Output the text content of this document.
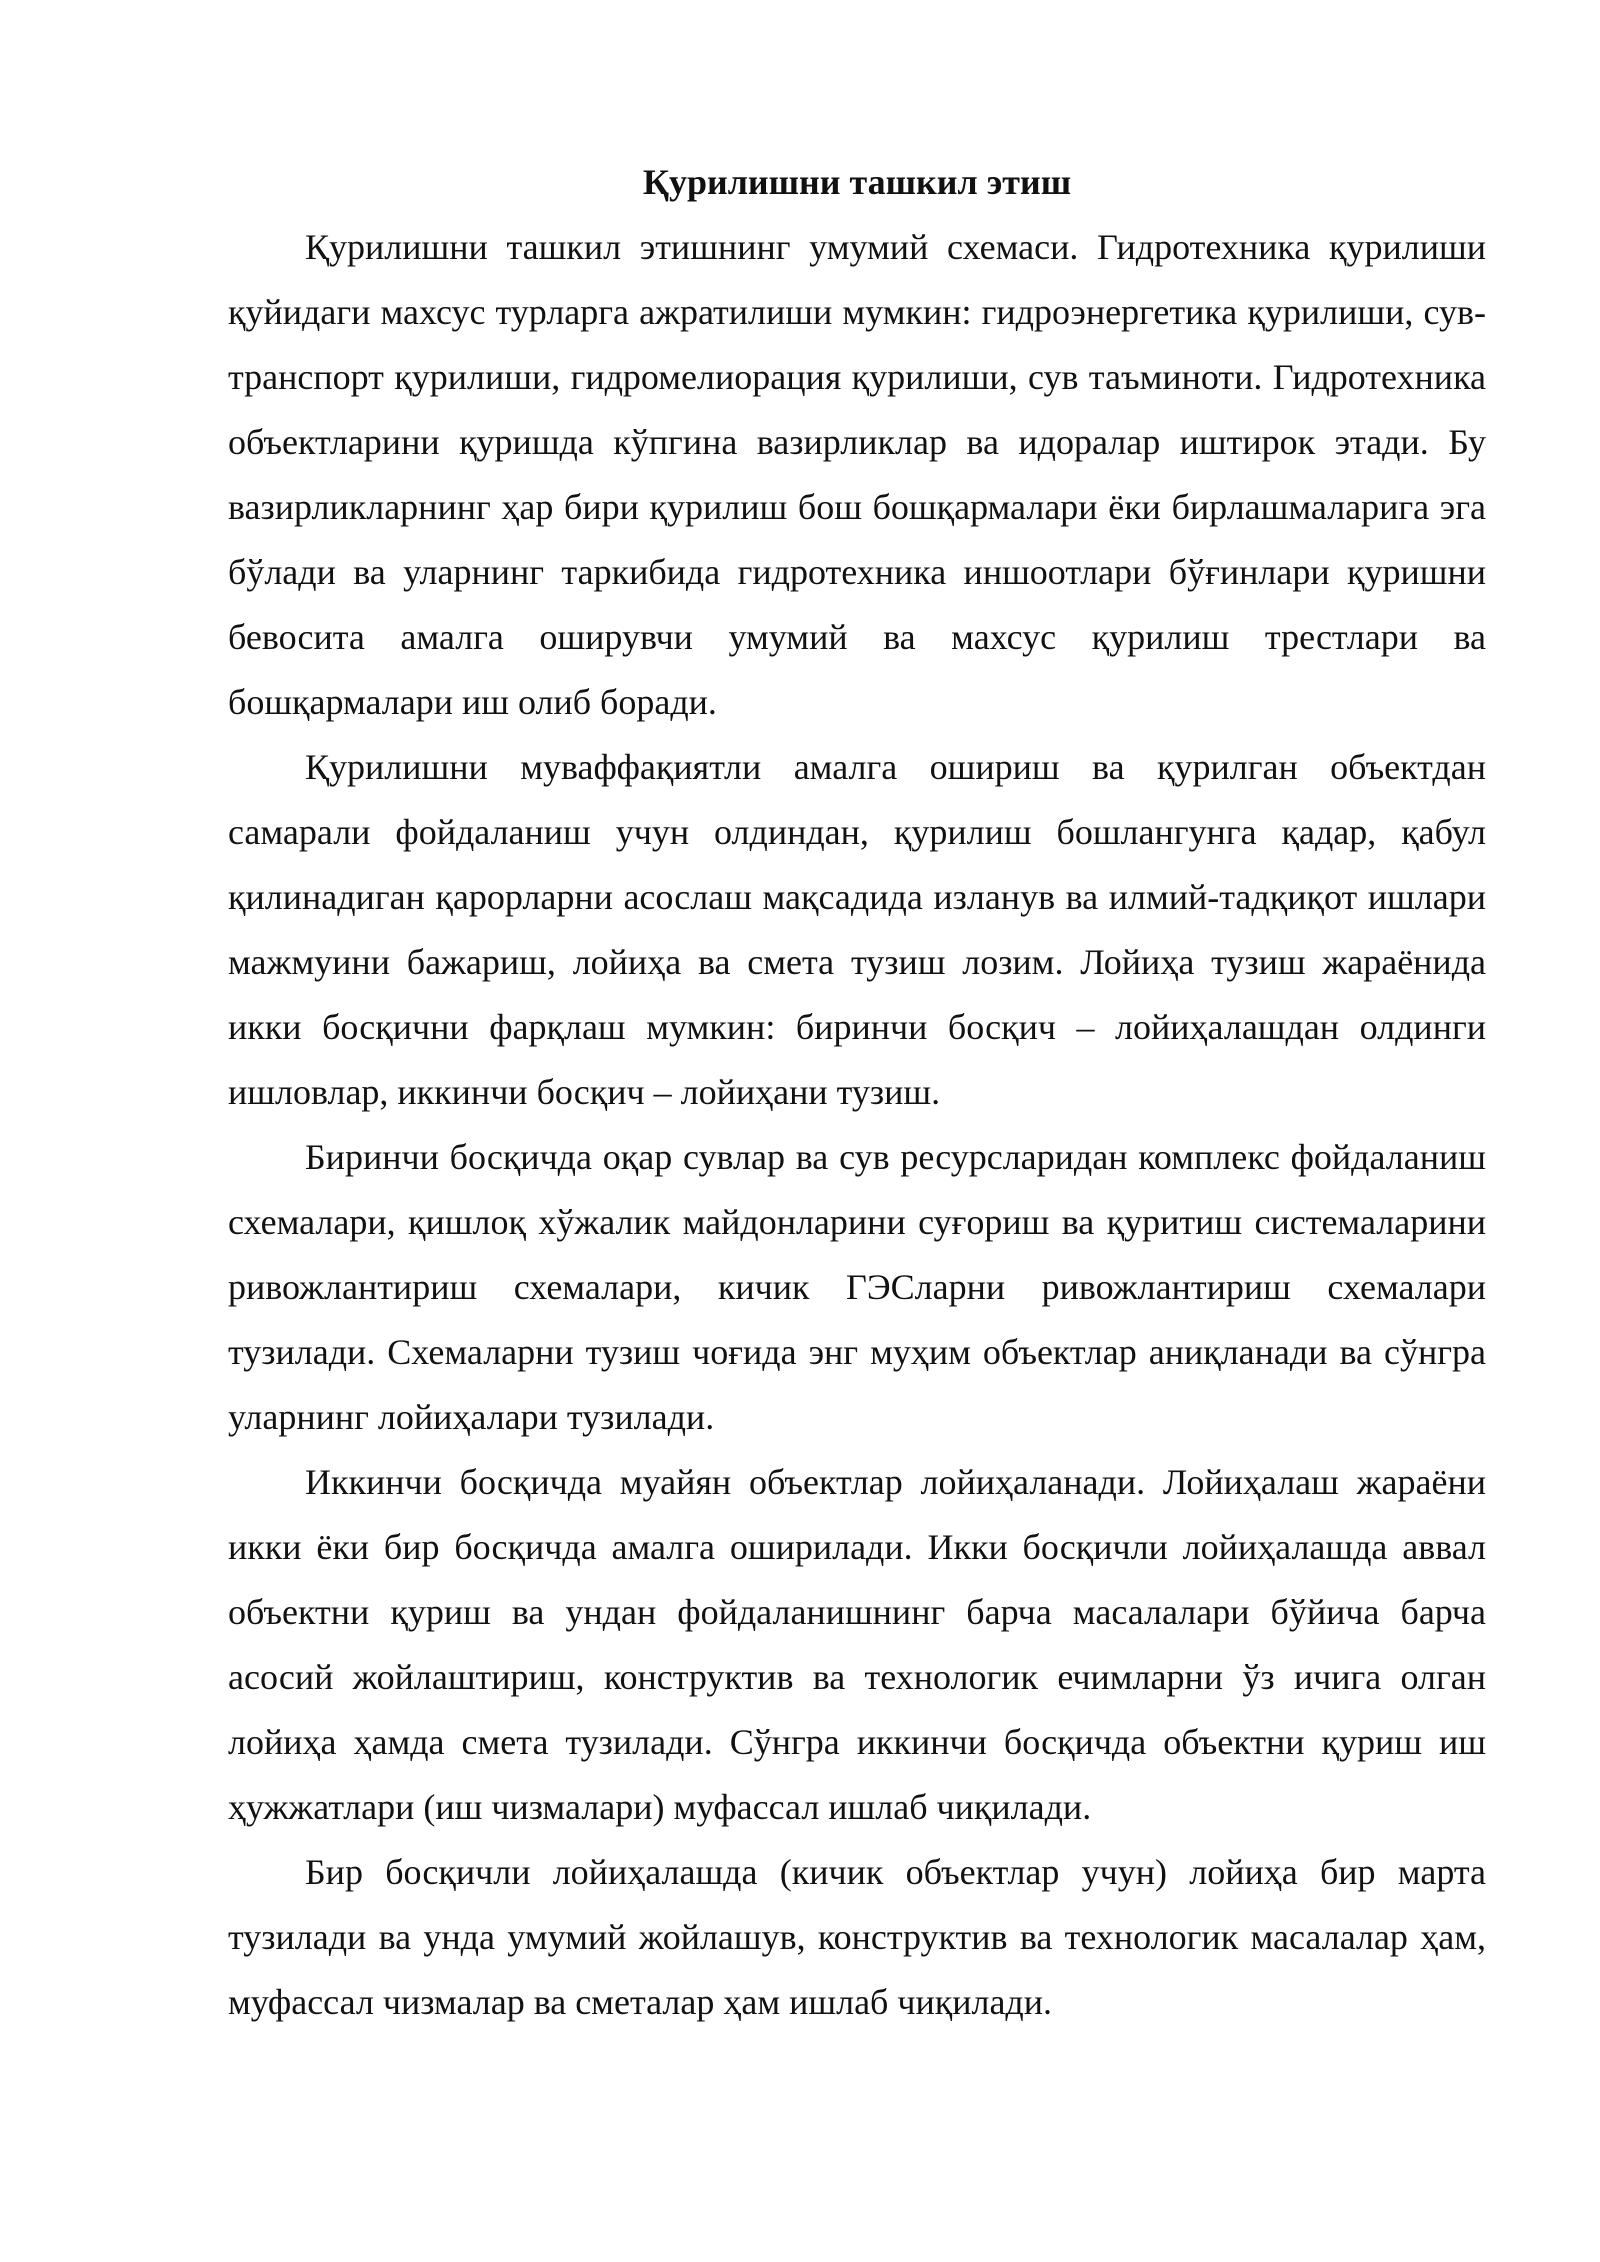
Қурилишни ташкил этиш

Қурилишни ташкил этишнинг умумий схемаси. Гидротехника қурилиши қуйидаги махсус турларга ажратилиши мумкин: гидроэнергетика қурилиши, сув-транспорт қурилиши, гидромелиорация қурилиши, сув таъминоти. Гидротехника объектларини қуришда кўпгина вазирликлар ва идоралар иштирок этади. Бу вазирликларнинг ҳар бири қурилиш бош бошқармалари ёки бирлашмаларига эга бўлади ва уларнинг таркибида гидротехника иншоотлари бўғинлари қуришни бевосита амалга оширувчи умумий ва махсус қурилиш трестлари ва бошқармалари иш олиб боради.

Қурилишни муваффақиятли амалга ошириш ва қурилган объектдан самарали фойдаланиш учун олдиндан, қурилиш бошлангунга қадар, қабул қилинадиган қарорларни асослаш мақсадида изланув ва илмий-тадқиқот ишлари мажмуини бажариш, лойиҳа ва смета тузиш лозим. Лойиҳа тузиш жараёнида икки босқични фарқлаш мумкин: биринчи босқич – лойиҳалашдан олдинги ишловлар, иккинчи босқич – лойиҳани тузиш.

Биринчи босқичда оқар сувлар ва сув ресурсларидан комплекс фойдаланиш схемалари, қишлоқ хўжалик майдонларини суғориш ва қуритиш системаларини ривожлантириш схемалари, кичик ГЭСларни ривожлантириш схемалари тузилади. Схемаларни тузиш чоғида энг муҳим объектлар аниқланади ва сўнгра уларнинг лойиҳалари тузилади.

Иккинчи босқичда муайян объектлар лойиҳаланади. Лойиҳалаш жараёни икки ёки бир босқичда амалга оширилади. Икки босқичли лойиҳалашда аввал объектни қуриш ва ундан фойдаланишнинг барча масалалари бўйича барча асосий жойлаштириш, конструктив ва технологик ечимларни ўз ичига олган лойиҳа ҳамда смета тузилади. Сўнгра иккинчи босқичда объектни қуриш иш ҳужжатлари (иш чизмалари) муфассал ишлаб чиқилади.

Бир босқичли лойиҳалашда (кичик объектлар учун) лойиҳа бир марта тузилади ва унда умумий жойлашув, конструктив ва технологик масалалар ҳам, муфассал чизмалар ва сметалар ҳам ишлаб чиқилади.
